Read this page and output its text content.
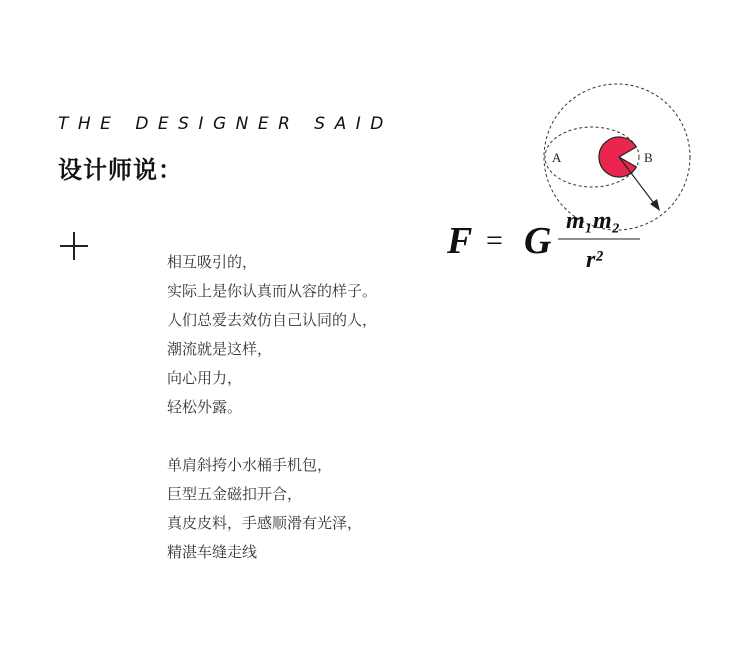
THE DESIGNER SAID
设计师说：
相互吸引的，
实际上是你认真而从容的样子。
人们总爱去效仿自己认同的人，
潮流就是这样，
向心用力，
轻松外露。
单肩斜挎小水桶手机包，
巨型五金磁扣开合，
真皮皮料，手感顺滑有光泽，
精湛车缝走线
A	B
F = G m₁m₂
r²
